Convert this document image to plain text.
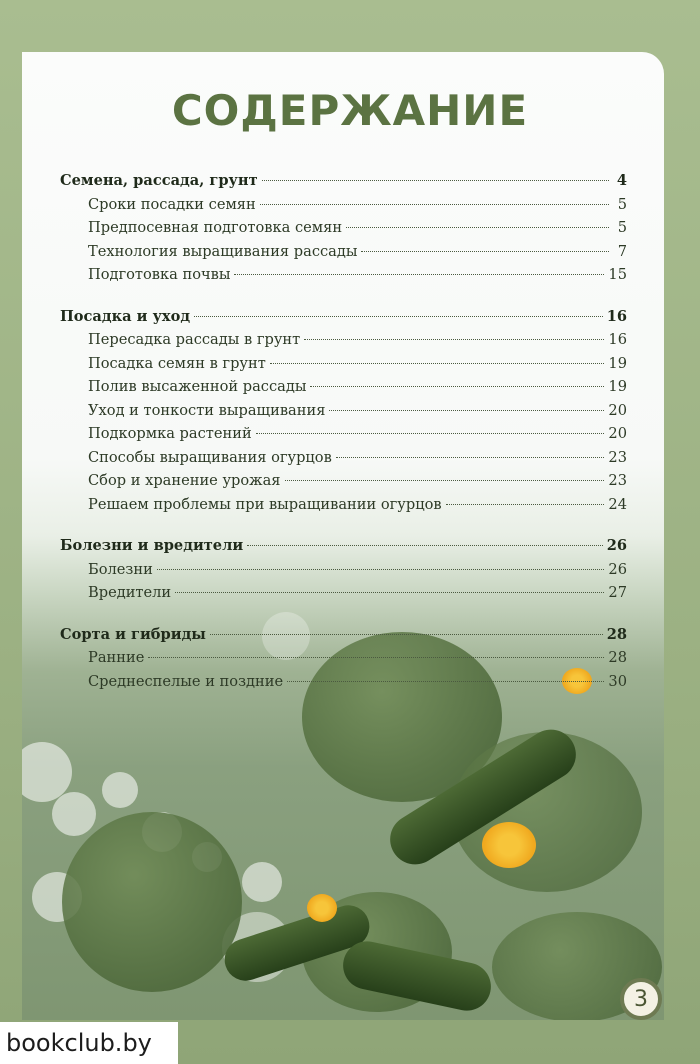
СОДЕРЖАНИЕ
Семена, рассада, грунт	4
Сроки посадки семян	5
Предпосевная подготовка семян	5
Технология выращивания рассады	7
Подготовка почвы	15
Посадка и уход	16
Пересадка рассады в грунт	16
Посадка семян в грунт	19
Полив высаженной рассады	19
Уход и тонкости выращивания	20
Подкормка растений	20
Способы выращивания огурцов	23
Сбор и хранение урожая	23
Решаем проблемы при выращивании огурцов	24
Болезни и вредители	26
Болезни	26
Вредители	27
Сорта и гибриды	28
Ранние	28
Среднеспелые и поздние	30
3
bookclub.by
